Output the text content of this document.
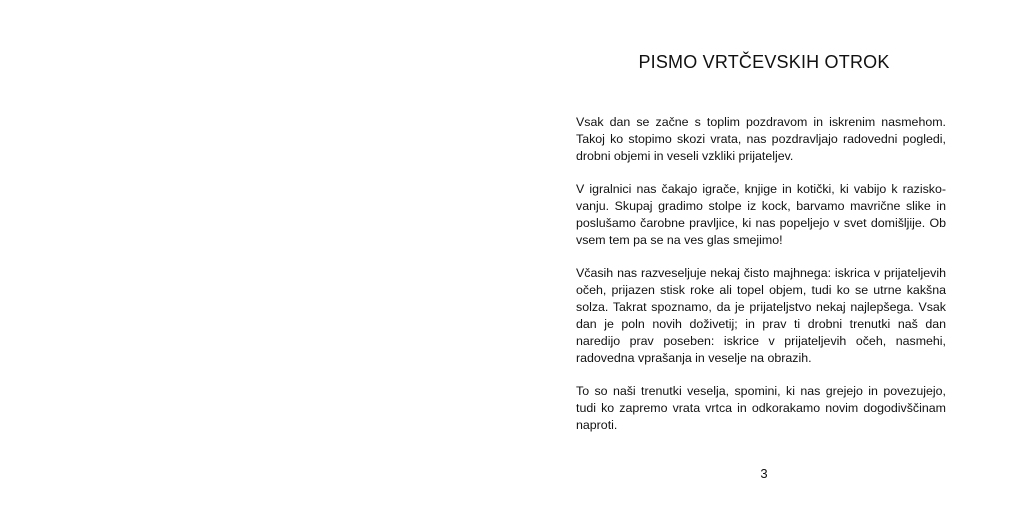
PISMO VRTČEVSKIH OTROK

Vsak dan se začne s toplim pozdravom in iskrenim nasmehom. Takoj ko stopimo skozi vrata, nas pozdravljajo radovedni pogledi, drobni objemi in veseli vzkliki prijateljev.

V igralnici nas čakajo igrače, knjige in kotički, ki vabijo k raziskovanju. Skupaj gradimo stolpe iz kock, barvamo mavrične slike in poslušamo čarobne pravljice, ki nas popeljejo v svet domišljije. Ob vsem tem pa se na ves glas smejimo!

Včasih nas razveseljuje nekaj čisto majhnega: iskrica v prijateljevih očeh, prijazen stisk roke ali topel objem, tudi ko se utrne kakšna solza. Takrat spoznamo, da je prijateljstvo nekaj najlepšega. Vsak dan je poln novih doživetij; in prav ti drobni trenutki naš dan naredijo prav poseben: iskrice v prijateljevih očeh, nasmehi, radovedna vprašanja in veselje na obrazih.

To so naši trenutki veselja, spomini, ki nas grejejo in povezujejo, tudi ko zapremo vrata vrtca in odkorakamo novim dogodivščinam naproti.

3
